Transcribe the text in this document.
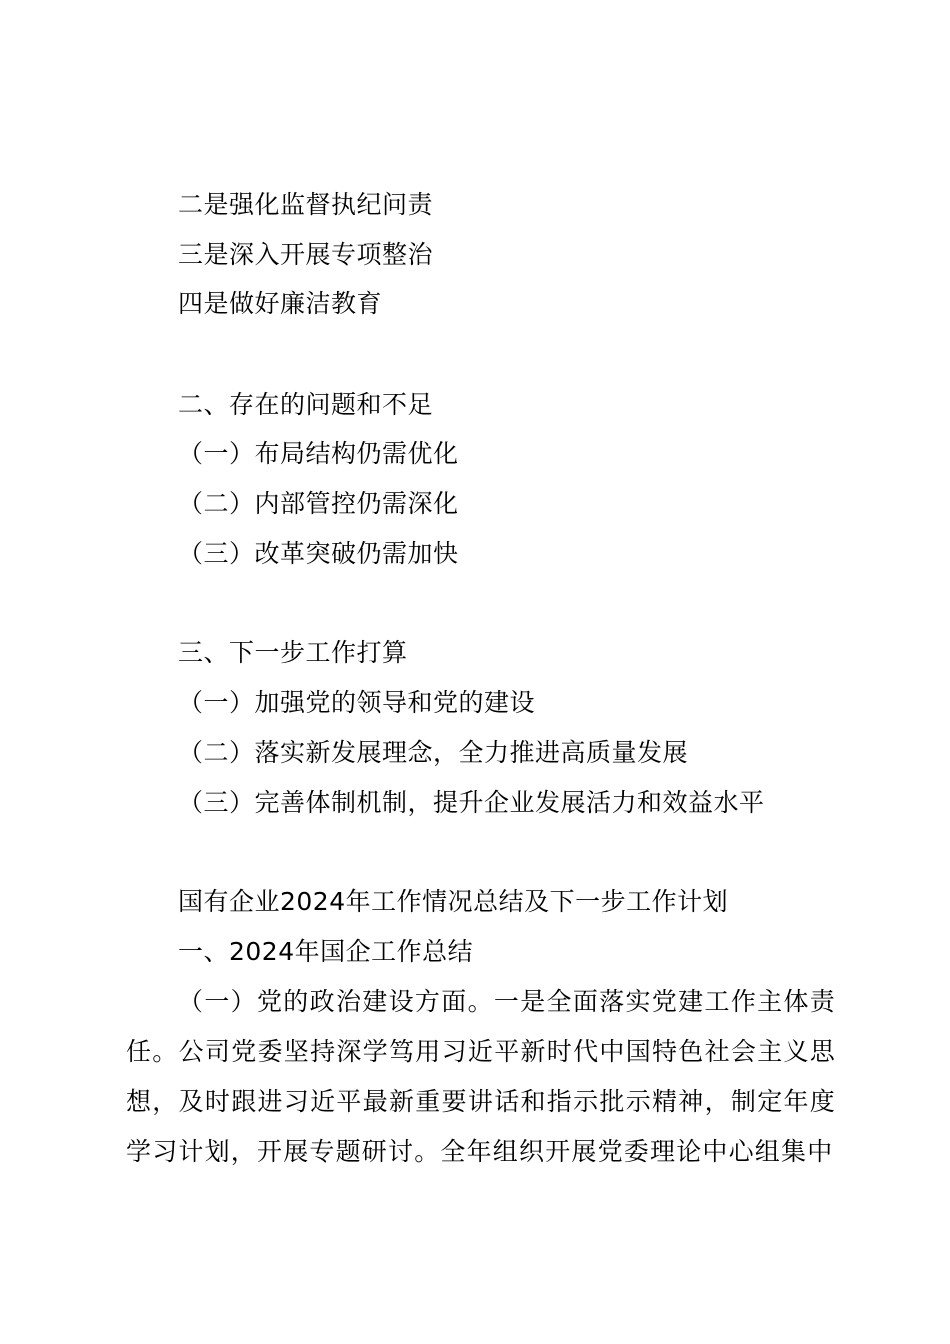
二是强化监督执纪问责
三是深入开展专项整治
四是做好廉洁教育
二、存在的问题和不足
（一）布局结构仍需优化
（二）内部管控仍需深化
（三）改革突破仍需加快
三、下一步工作打算
（一）加强党的领导和党的建设
（二）落实新发展理念，全力推进高质量发展
（三）完善体制机制，提升企业发展活力和效益水平
国有企业2024年工作情况总结及下一步工作计划
一、2024年国企工作总结
（一）党的政治建设方面。一是全面落实党建工作主体责任。公司党委坚持深学笃用习近平新时代中国特色社会主义思想，及时跟进习近平最新重要讲话和指示批示精神，制定年度学习计划，开展专题研讨。全年组织开展党委理论中心组集中
